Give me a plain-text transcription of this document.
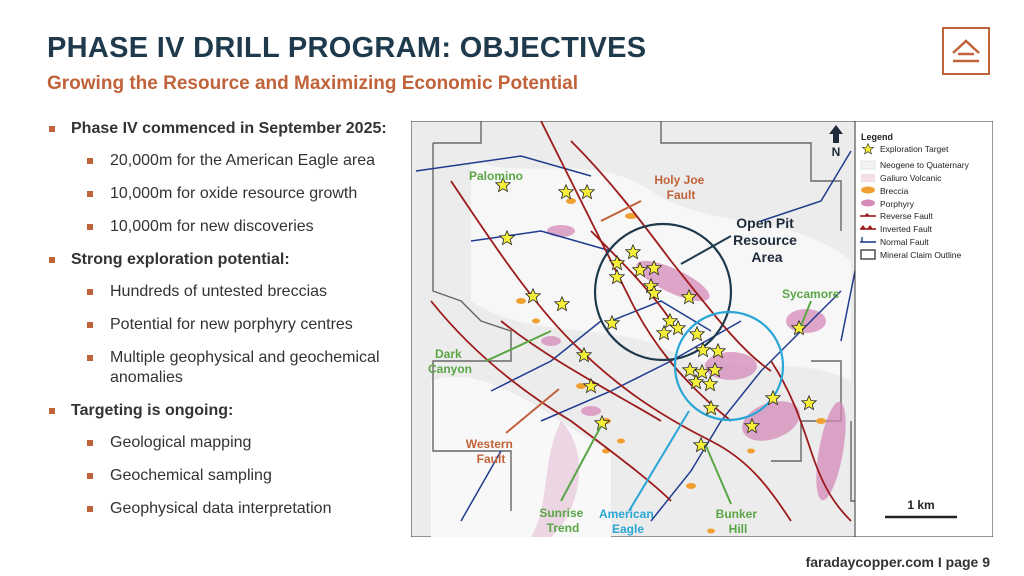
PHASE IV DRILL PROGRAM: OBJECTIVES
Growing the Resource and Maximizing Economic Potential
Phase IV commenced in September 2025:
20,000m for the American Eagle area
10,000m for oxide resource growth
10,000m for new discoveries
Strong exploration potential:
Hundreds of untested breccias
Potential for new porphyry centres
Multiple geophysical and geochemical anomalies
Targeting is ongoing:
Geological mapping
Geochemical sampling
Geophysical data interpretation
Palomino	Holy Joe Fault
Open Pit Resource Area
Sycamore
Dark Canyon
Western Fault
Sunrise Trend
American Eagle
Bunker Hill
N
Legend
Exploration Target
Neogene to Quaternary
Galiuro Volcanic
Breccia
Porphyry
Reverse Fault
Inverted Fault
Normal Fault
Mineral Claim Outline
1 km
faradaycopper.com I page 9
